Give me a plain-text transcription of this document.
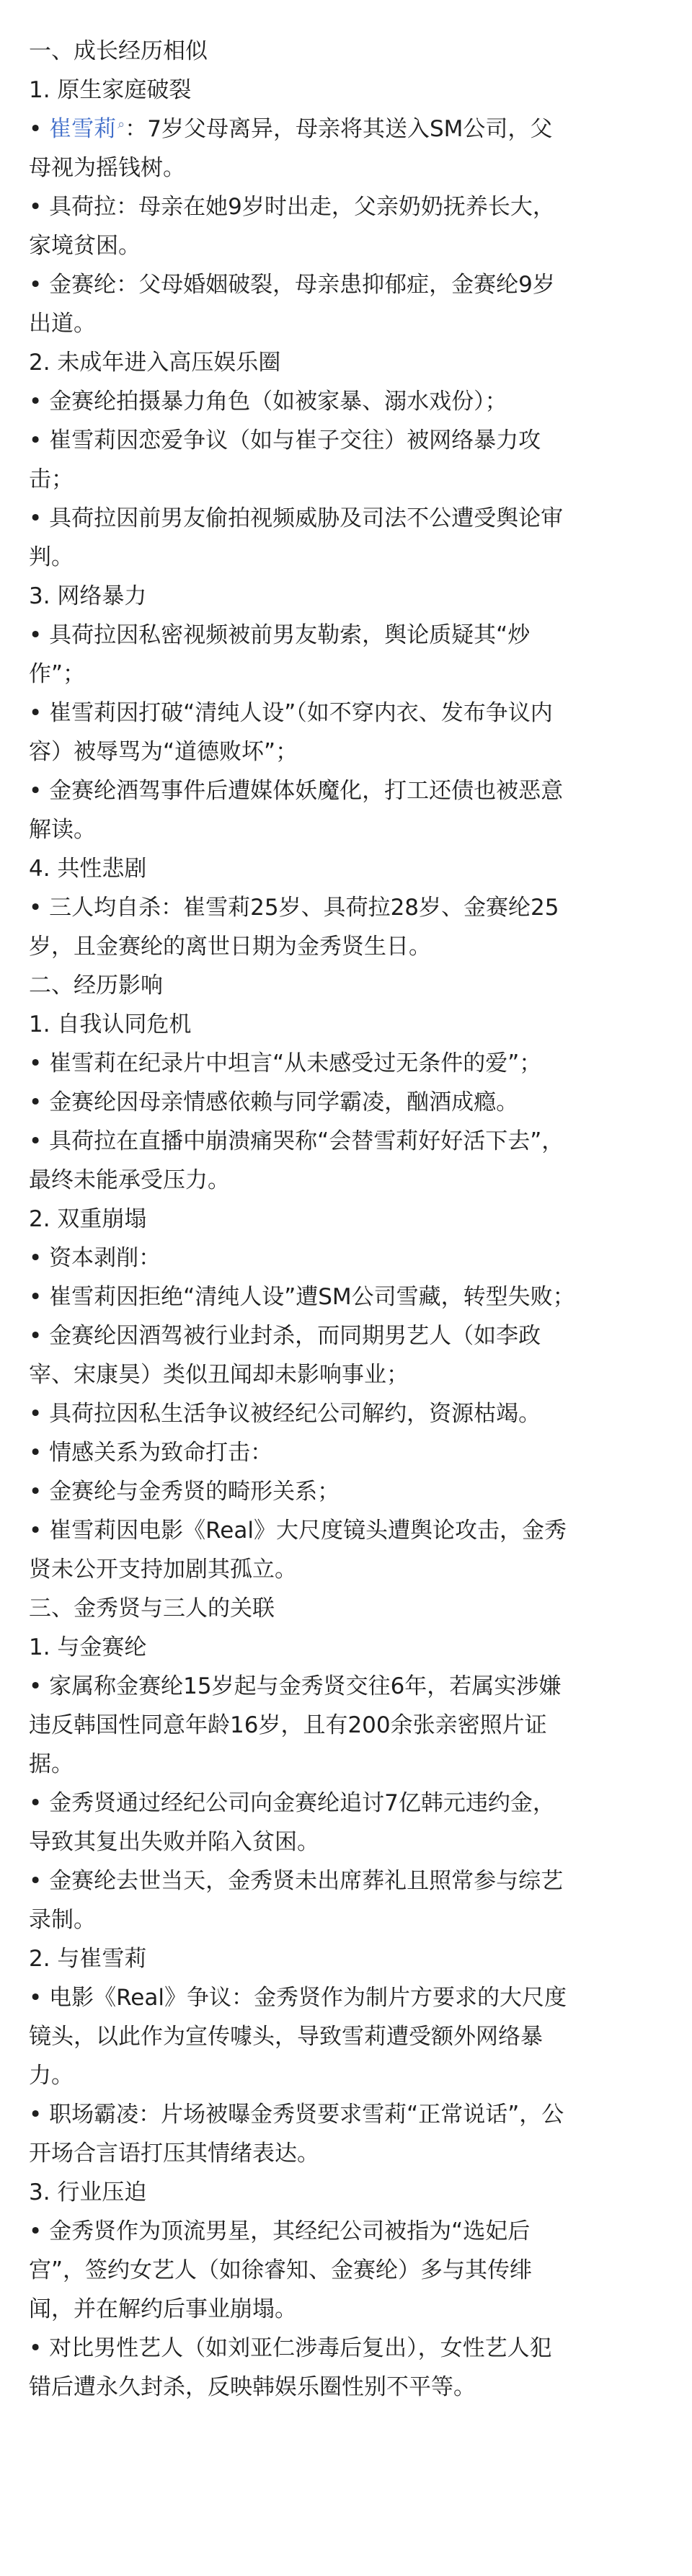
一、成长经历相似
1. 原生家庭破裂
• 崔雪莉 ⌕：7岁父母离异，母亲将其送入SM公司，父
母视为摇钱树。
• 具荷拉：母亲在她9岁时出走，父亲奶奶抚养长大，
家境贫困。
• 金赛纶：父母婚姻破裂，母亲患抑郁症，金赛纶9岁
出道。
2. 未成年进入高压娱乐圈
• 金赛纶拍摄暴力角色（如被家暴、溺水戏份）；
• 崔雪莉因恋爱争议（如与崔子交往）被网络暴力攻
击；
• 具荷拉因前男友偷拍视频威胁及司法不公遭受舆论审
判。
3. 网络暴力
• 具荷拉因私密视频被前男友勒索，舆论质疑其“炒
作”；
• 崔雪莉因打破“清纯人设”（如不穿内衣、发布争议内
容）被辱骂为“道德败坏”；
• 金赛纶酒驾事件后遭媒体妖魔化，打工还债也被恶意
解读。
4. 共性悲剧
• 三人均自杀：崔雪莉25岁、具荷拉28岁、金赛纶25
岁，且金赛纶的离世日期为金秀贤生日。
二、经历影响
1. 自我认同危机
• 崔雪莉在纪录片中坦言“从未感受过无条件的爱”；
• 金赛纶因母亲情感依赖与同学霸凌，酗酒成瘾。
• 具荷拉在直播中崩溃痛哭称“会替雪莉好好活下去”，
最终未能承受压力。
2. 双重崩塌
• 资本剥削：
• 崔雪莉因拒绝“清纯人设”遭SM公司雪藏，转型失败；
• 金赛纶因酒驾被行业封杀，而同期男艺人（如李政
宰、宋康昊）类似丑闻却未影响事业；
• 具荷拉因私生活争议被经纪公司解约，资源枯竭。
• 情感关系为致命打击：
• 金赛纶与金秀贤的畸形关系；
• 崔雪莉因电影《Real》大尺度镜头遭舆论攻击，金秀
贤未公开支持加剧其孤立。
三、金秀贤与三人的关联
1. 与金赛纶
• 家属称金赛纶15岁起与金秀贤交往6年，若属实涉嫌
违反韩国性同意年龄16岁，且有200余张亲密照片证
据。
• 金秀贤通过经纪公司向金赛纶追讨7亿韩元违约金，
导致其复出失败并陷入贫困。
• 金赛纶去世当天，金秀贤未出席葬礼且照常参与综艺
录制。
2. 与崔雪莉
• 电影《Real》争议：金秀贤作为制片方要求的大尺度
镜头，以此作为宣传噱头，导致雪莉遭受额外网络暴
力。
• 职场霸凌：片场被曝金秀贤要求雪莉“正常说话”，公
开场合言语打压其情绪表达。
3. 行业压迫
• 金秀贤作为顶流男星，其经纪公司被指为“选妃后
宫”，签约女艺人（如徐睿知、金赛纶）多与其传绯
闻，并在解约后事业崩塌。
• 对比男性艺人（如刘亚仁涉毒后复出），女性艺人犯
错后遭永久封杀，反映韩娱乐圈性别不平等。
